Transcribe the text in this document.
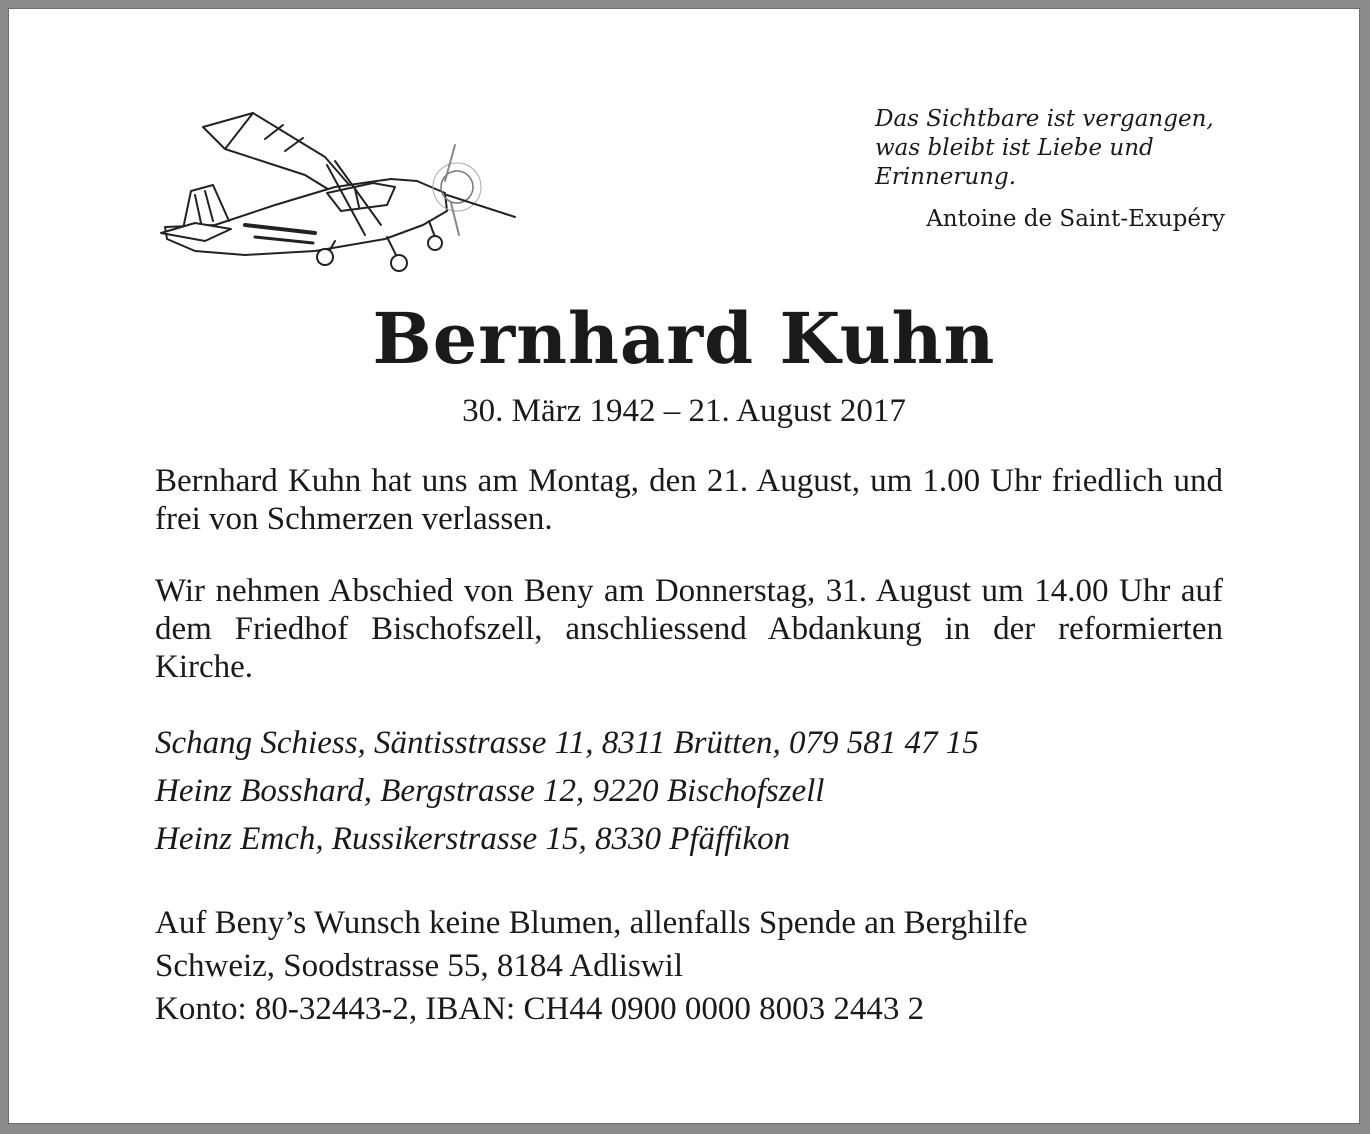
Das Sichtbare ist vergangen,
was bleibt ist Liebe und
Erinnerung.
Antoine de Saint-Exupéry
Bernhard Kuhn
30. März 1942 – 21. August 2017
Bernhard Kuhn hat uns am Montag, den 21. August, um 1.00 Uhr friedlich und frei von Schmerzen verlassen.
Wir nehmen Abschied von Beny am Donnerstag, 31. August um 14.00 Uhr auf dem Friedhof Bischofszell, anschliessend Abdankung in der reformierten Kirche.
Schang Schiess, Säntisstrasse 11, 8311 Brütten, 079 581 47 15
Heinz Bosshard, Bergstrasse 12, 9220 Bischofszell
Heinz Emch, Russikerstrasse 15, 8330 Pfäffikon
Auf Beny’s Wunsch keine Blumen, allenfalls Spende an Berghilfe
Schweiz, Soodstrasse 55, 8184 Adliswil
Konto: 80-32443-2, IBAN: CH44 0900 0000 8003 2443 2
